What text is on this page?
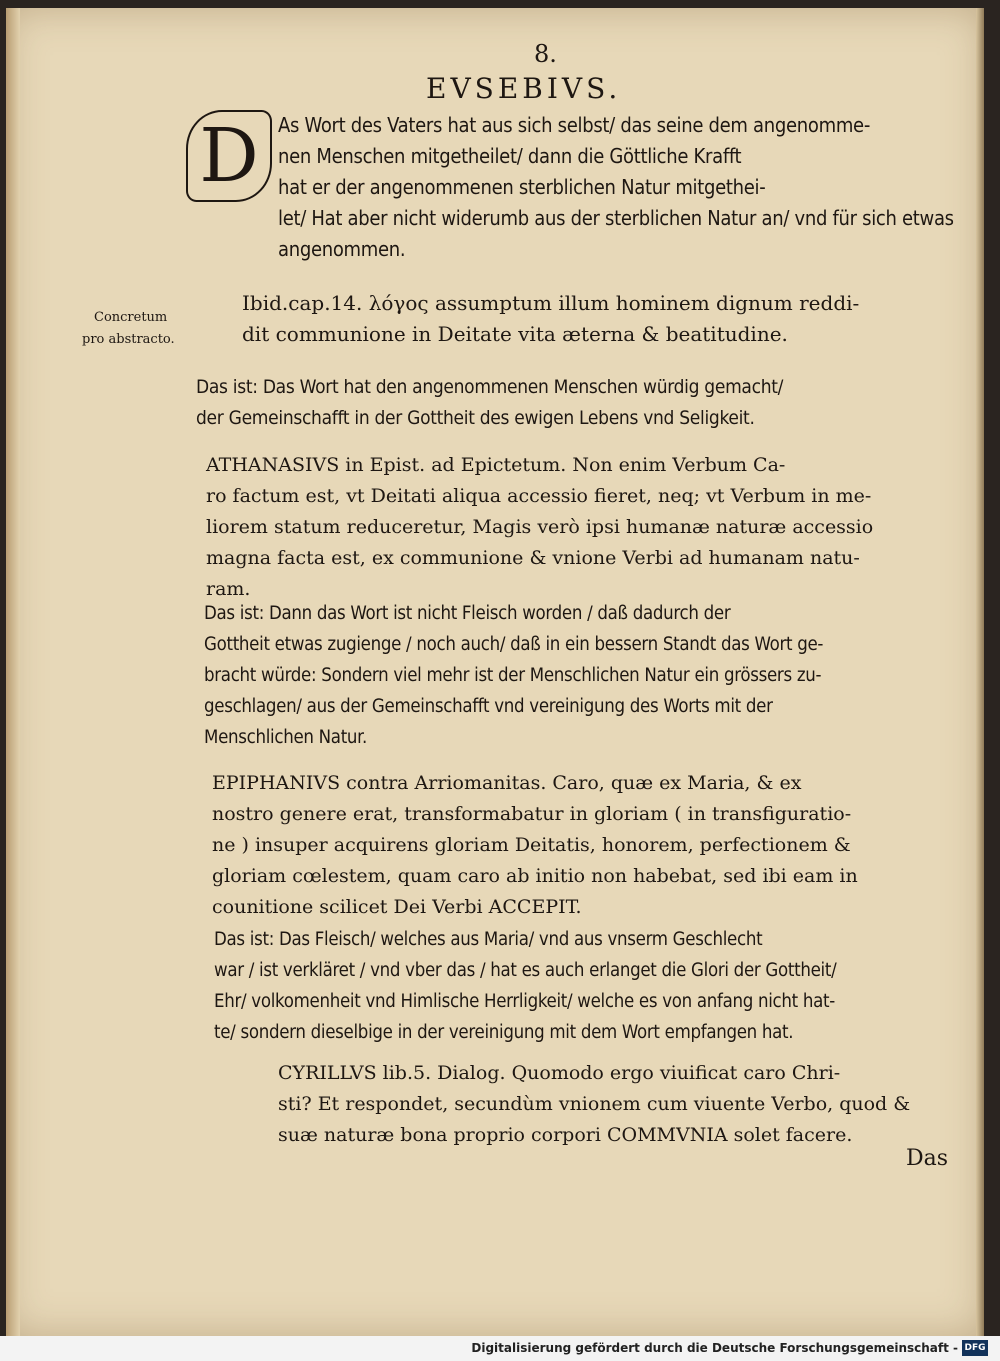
8.
EVSEBIVS.
D As Wort des Vaters hat aus sich selbst/ das seine dem angenomme-
nen Menschen mitgetheilet/ dann die Göttliche Krafft
hat er der angenommenen sterblichen Natur mitgethei-
let/ Hat aber nicht widerumb aus der sterblichen Natur an/ vnd für sich etwas
angenommen.
Concretum
pro abstracto.
Ibid.cap.14. λόγος assumptum illum hominem dignum reddi-
dit communione in Deitate vita æterna & beatitudine.
Das ist: Das Wort hat den angenommenen Menschen würdig gemacht/
der Gemeinschafft in der Gottheit des ewigen Lebens vnd Seligkeit.
ATHANASIVS in Epist. ad Epictetum. Non enim Verbum Ca-
ro factum est, vt Deitati aliqua accessio fieret, neq; vt Verbum in me-
liorem statum reduceretur, Magis verò ipsi humanæ naturæ accessio
magna facta est, ex communione & vnione Verbi ad humanam natu-
ram.
Das ist: Dann das Wort ist nicht Fleisch worden / daß dadurch der
Gottheit etwas zugienge / noch auch/ daß in ein bessern Standt das Wort ge-
bracht würde: Sondern viel mehr ist der Menschlichen Natur ein grössers zu-
geschlagen/ aus der Gemeinschafft vnd vereinigung des Worts mit der
Menschlichen Natur.
EPIPHANIVS contra Arriomanitas. Caro, quæ ex Maria, & ex
nostro genere erat, transformabatur in gloriam ( in transfiguratio-
ne ) insuper acquirens gloriam Deitatis, honorem, perfectionem &
gloriam cœlestem, quam caro ab initio non habebat, sed ibi eam in
counitione scilicet Dei Verbi ACCEPIT.
Das ist: Das Fleisch/ welches aus Maria/ vnd aus vnserm Geschlecht
war / ist verkläret / vnd vber das / hat es auch erlanget die Glori der Gottheit/
Ehr/ volkomenheit vnd Himlische Herrligkeit/ welche es von anfang nicht hat-
te/ sondern dieselbige in der vereinigung mit dem Wort empfangen hat.
CYRILLVS lib.5. Dialog. Quomodo ergo viuificat caro Chri-
sti? Et respondet, secundùm vnionem cum viuente Verbo, quod &
suæ naturæ bona proprio corpori COMMVNIA solet facere.
Das
Digitalisierung gefördert durch die Deutsche Forschungsgemeinschaft - DFG
